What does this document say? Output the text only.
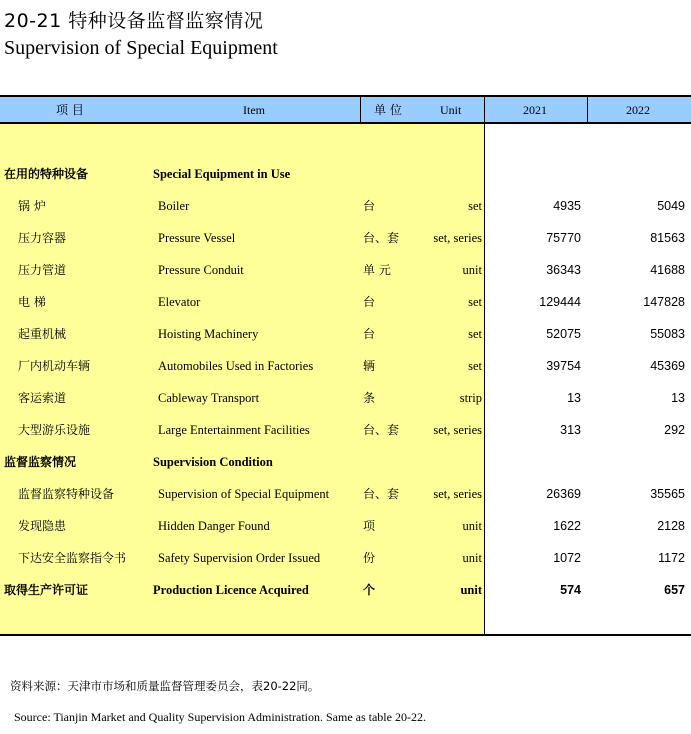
20-21 特种设备监督监察情况
Supervision of Special Equipment
项 目	Item	单 位	Unit	2021	2022
在用的特种设备	Special Equipment in Use
锅 炉	Boiler	台	set	4935	5049
压力容器	Pressure Vessel	台、套	set, series	75770	81563
压力管道	Pressure Conduit	单 元	unit	36343	41688
电 梯	Elevator	台	set	129444	147828
起重机械	Hoisting Machinery	台	set	52075	55083
厂内机动车辆	Automobiles Used in Factories	辆	set	39754	45369
客运索道	Cableway Transport	条	strip	13	13
大型游乐设施	Large Entertainment Facilities	台、套	set, series	313	292
监督监察情况	Supervision Condition
监督监察特种设备	Supervision of Special Equipment	台、套	set, series	26369	35565
发现隐患	Hidden Danger Found	项	unit	1622	2128
下达安全监察指令书	Safety Supervision Order Issued	份	unit	1072	1172
取得生产许可证	Production Licence Acquired	个	unit	574	657
资料来源：天津市市场和质量监督管理委员会，表20-22同。
Source: Tianjin Market and Quality Supervision Administration. Same as table 20-22.
